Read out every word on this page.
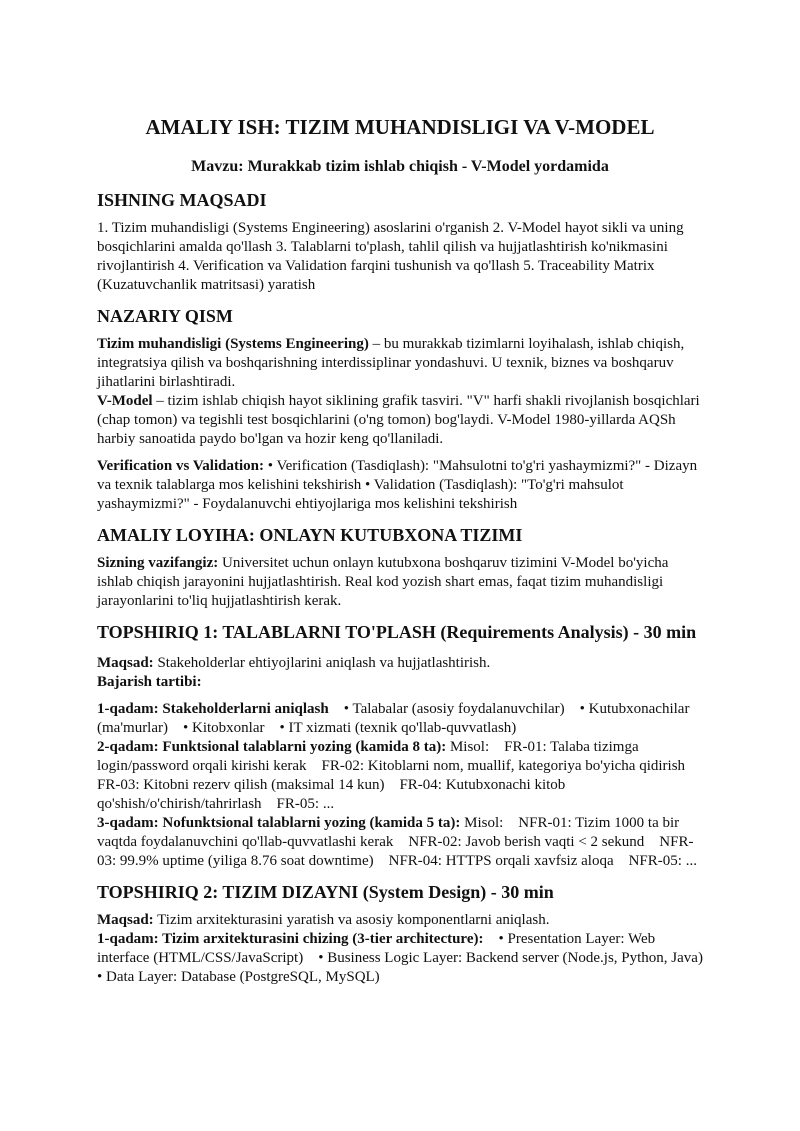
AMALIY ISH: TIZIM MUHANDISLIGI VA V-MODEL
Mavzu: Murakkab tizim ishlab chiqish - V-Model yordamida
ISHNING MAQSADI

1. Tizim muhandisligi (Systems Engineering) asoslarini o'rganish 2. V-Model hayot sikli va uning bosqichlarini amalda qo'llash 3. Talablarni to'plash, tahlil qilish va hujjatlashtirish ko'nikmasini rivojlantirish 4. Verification va Validation farqini tushunish va qo'llash 5. Traceability Matrix (Kuzatuvchanlik matritsasi) yaratish

NAZARIY QISM

Tizim muhandisligi (Systems Engineering) – bu murakkab tizimlarni loyihalash, ishlab chiqish, integratsiya qilish va boshqarishning interdissiplinar yondashuvi. U texnik, biznes va boshqaruv jihatlarini birlashtiradi.

V-Model – tizim ishlab chiqish hayot siklining grafik tasviri. "V" harfi shakli rivojlanish bosqichlari (chap tomon) va tegishli test bosqichlarini (o'ng tomon) bog'laydi. V-Model 1980-yillarda AQSh harbiy sanoatida paydo bo'lgan va hozir keng qo'llaniladi.

Verification vs Validation: • Verification (Tasdiqlash): "Mahsulotni to'g'ri yashaymizmi?" - Dizayn va texnik talablarga mos kelishini tekshirish • Validation (Tasdiqlash): "To'g'ri mahsulot yashaymizmi?" - Foydalanuvchi ehtiyojlariga mos kelishini tekshirish

AMALIY LOYIHA: ONLAYN KUTUBXONA TIZIMI

Sizning vazifangiz: Universitet uchun onlayn kutubxona boshqaruv tizimini V-Model bo'yicha ishlab chiqish jarayonini hujjatlashtirish. Real kod yozish shart emas, faqat tizim muhandisligi jarayonlarini to'liq hujjatlashtirish kerak.

TOPSHIRIQ 1: TALABLARNI TO'PLASH (Requirements Analysis) - 30 min

Maqsad: Stakeholderlar ehtiyojlarini aniqlash va hujjatlashtirish.

Bajarish tartibi:

1-qadam: Stakeholderlarni aniqlash    • Talabalar (asosiy foydalanuvchilar)    • Kutubxonachilar (ma'murlar)    • Kitobxonlar    • IT xizmati (texnik qo'llab-quvvatlash)

2-qadam: Funktsional talablarni yozing (kamida 8 ta): Misol:    FR-01: Talaba tizimga login/password orqali kirishi kerak    FR-02: Kitoblarni nom, muallif, kategoriya bo'yicha qidirish    FR-03: Kitobni rezerv qilish (maksimal 14 kun)    FR-04: Kutubxonachi kitob qo'shish/o'chirish/tahrirlash    FR-05: ...

3-qadam: Nofunktsional talablarni yozing (kamida 5 ta): Misol:    NFR-01: Tizim 1000 ta bir vaqtda foydalanuvchini qo'llab-quvvatlashi kerak    NFR-02: Javob berish vaqti < 2 sekund    NFR-03: 99.9% uptime (yiliga 8.76 soat downtime)    NFR-04: HTTPS orqali xavfsiz aloqa    NFR-05: ...

TOPSHIRIQ 2: TIZIM DIZAYNI (System Design) - 30 min

Maqsad: Tizim arxitekturasini yaratish va asosiy komponentlarni aniqlash.

1-qadam: Tizim arxitekturasini chizing (3-tier architecture):    • Presentation Layer: Web interface (HTML/CSS/JavaScript)    • Business Logic Layer: Backend server (Node.js, Python, Java)    • Data Layer: Database (PostgreSQL, MySQL)
